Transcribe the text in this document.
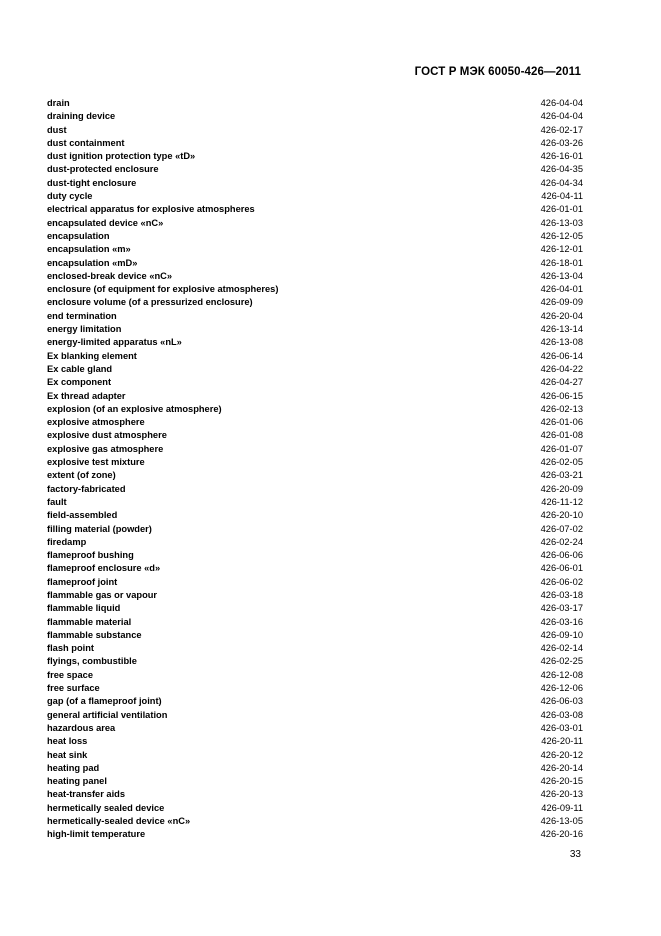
ГОСТ Р МЭК 60050-426—2011
drain	426-04-04
draining device	426-04-04
dust	426-02-17
dust containment	426-03-26
dust ignition protection type «tD»	426-16-01
dust-protected enclosure	426-04-35
dust-tight enclosure	426-04-34
duty cycle	426-04-11
electrical apparatus for explosive atmospheres	426-01-01
encapsulated device «nC»	426-13-03
encapsulation	426-12-05
encapsulation «m»	426-12-01
encapsulation «mD»	426-18-01
enclosed-break device «nC»	426-13-04
enclosure (of equipment for explosive atmospheres)	426-04-01
enclosure volume (of a pressurized enclosure)	426-09-09
end termination	426-20-04
energy limitation	426-13-14
energy-limited apparatus «nL»	426-13-08
Ex blanking element	426-06-14
Ex cable gland	426-04-22
Ex component	426-04-27
Ex thread adapter	426-06-15
explosion (of an explosive atmosphere)	426-02-13
explosive atmosphere	426-01-06
explosive dust atmosphere	426-01-08
explosive gas atmosphere	426-01-07
explosive test mixture	426-02-05
extent (of zone)	426-03-21
factory-fabricated	426-20-09
fault	426-11-12
field-assembled	426-20-10
filling material (powder)	426-07-02
firedamp	426-02-24
flameproof bushing	426-06-06
flameproof enclosure «d»	426-06-01
flameproof joint	426-06-02
flammable gas or vapour	426-03-18
flammable liquid	426-03-17
flammable material	426-03-16
flammable substance	426-09-10
flash point	426-02-14
flyings, combustible	426-02-25
free space	426-12-08
free surface	426-12-06
gap (of a flameproof joint)	426-06-03
general artificial ventilation	426-03-08
hazardous area	426-03-01
heat loss	426-20-11
heat sink	426-20-12
heating pad	426-20-14
heating panel	426-20-15
heat-transfer aids	426-20-13
hermetically sealed device	426-09-11
hermetically-sealed device «nC»	426-13-05
high-limit temperature	426-20-16
33
